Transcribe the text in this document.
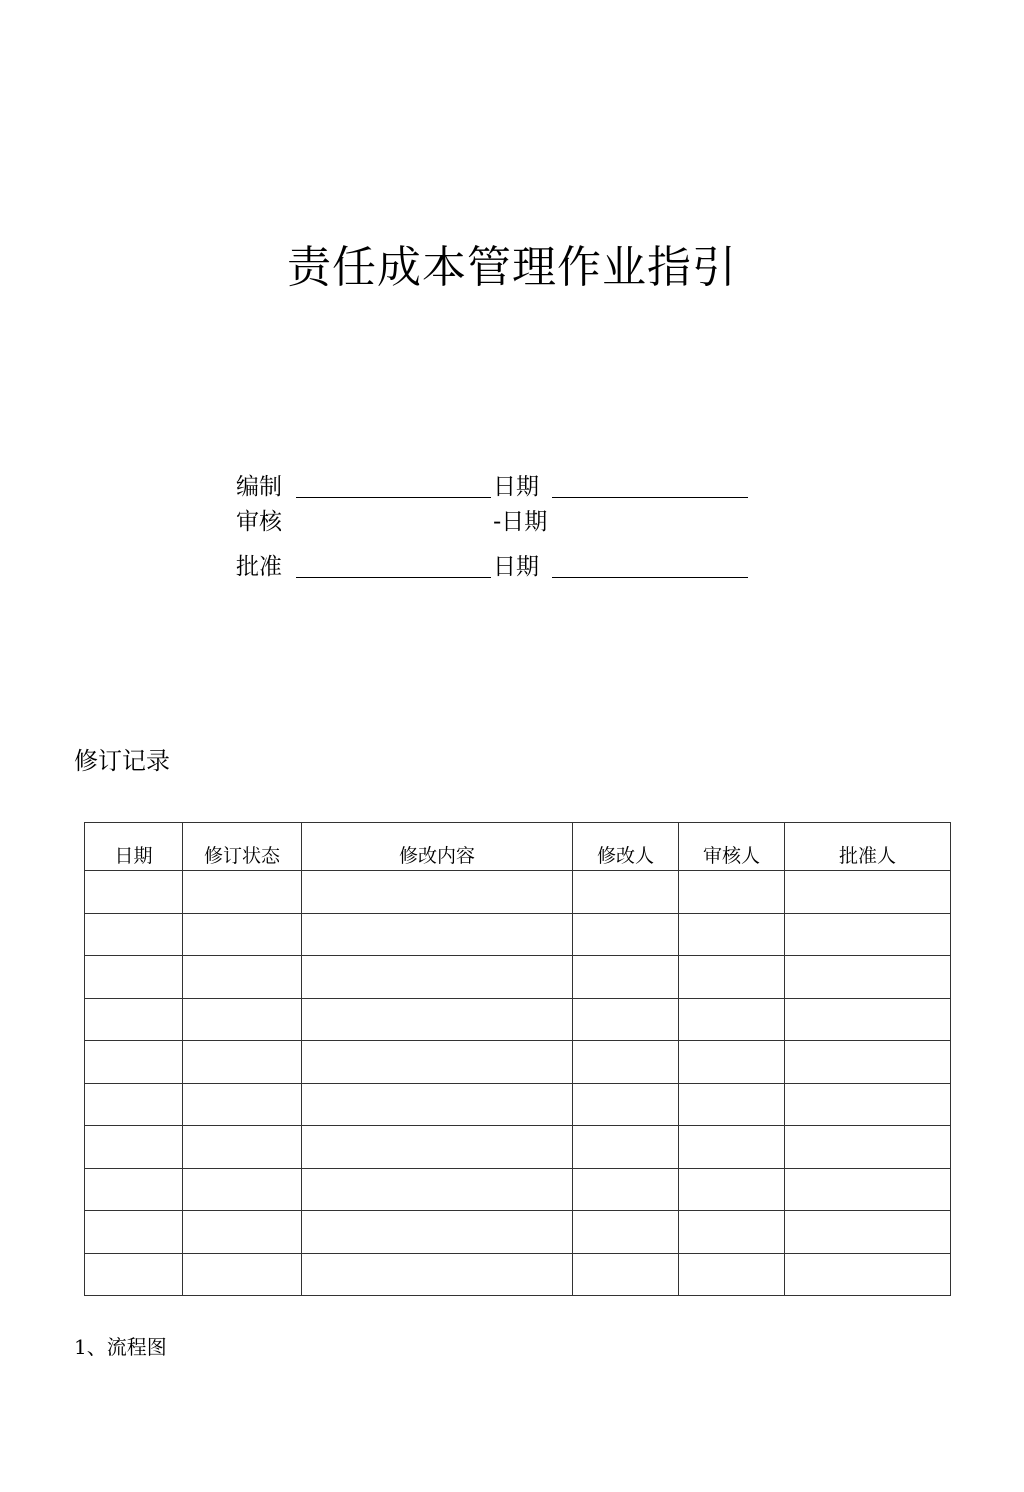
责任成本管理作业指引
编制	日期
审核	-日期
批准	日期
修订记录
日期	修订状态	修改内容	修改人	审核人	批准人

1、流程图
